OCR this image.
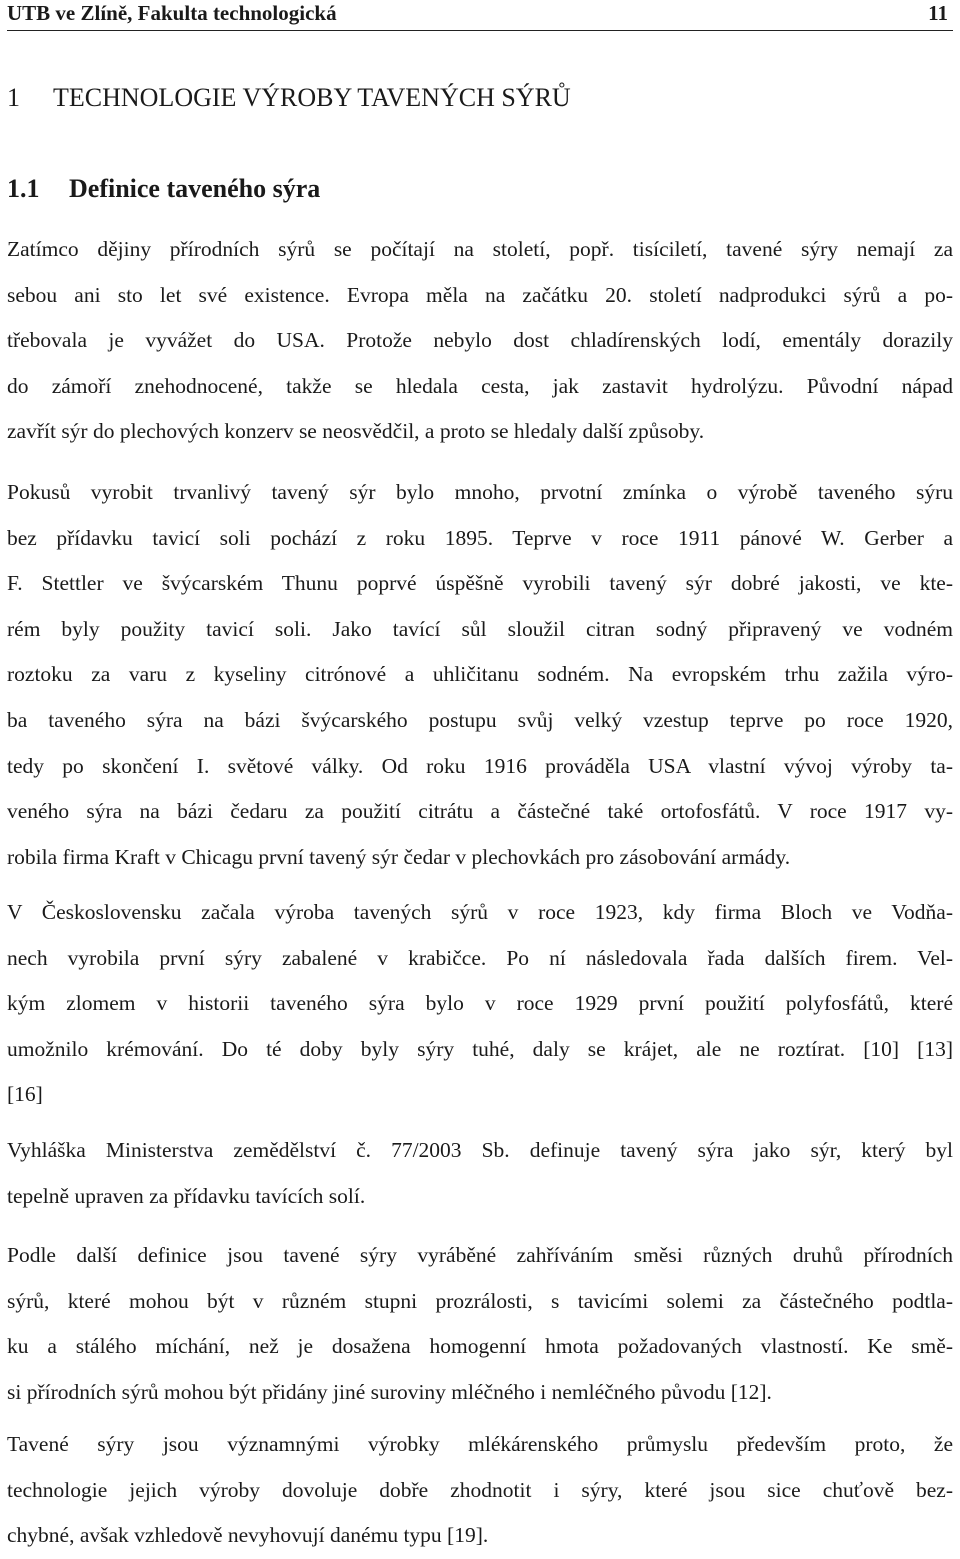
UTB ve Zlíně, Fakulta technologická	11
1 TECHNOLOGIE VÝROBY TAVENÝCH SÝRŮ
1.1 Definice taveného sýra
Zatímco dějiny přírodních sýrů se počítají na století, popř. tisíciletí, tavené sýry nemají za
sebou ani sto let své existence. Evropa měla na začátku 20. století nadprodukci sýrů a po-
třebovala je vyvážet do USA. Protože nebylo dost chladírenských lodí, ementály dorazily
do zámoří znehodnocené, takže se hledala cesta, jak zastavit hydrolýzu. Původní nápad
zavřít sýr do plechových konzerv se neosvědčil, a proto se hledaly další způsoby.
Pokusů vyrobit trvanlivý tavený sýr bylo mnoho, prvotní zmínka o výrobě taveného sýru
bez přídavku tavicí soli pochází z roku 1895. Teprve v roce 1911 pánové W. Gerber a
F. Stettler ve švýcarském Thunu poprvé úspěšně vyrobili tavený sýr dobré jakosti, ve kte-
rém byly použity tavicí soli. Jako tavící sůl sloužil citran sodný připravený ve vodném
roztoku za varu z kyseliny citrónové a uhličitanu sodném. Na evropském trhu zažila výro-
ba taveného sýra na bázi švýcarského postupu svůj velký vzestup teprve po roce 1920,
tedy po skončení I. světové války. Od roku 1916 prováděla USA vlastní vývoj výroby ta-
veného sýra na bázi čedaru za použití citrátu a částečné také ortofosfátů. V roce 1917 vy-
robila firma Kraft v Chicagu první tavený sýr čedar v plechovkách pro zásobování armády.
V Československu začala výroba tavených sýrů v roce 1923, kdy firma Bloch ve Vodňa-
nech vyrobila první sýry zabalené v krabičce. Po ní následovala řada dalších firem. Vel-
kým zlomem v historii taveného sýra bylo v roce 1929 první použití polyfosfátů, které
umožnilo krémování. Do té doby byly sýry tuhé, daly se krájet, ale ne roztírat. [10] [13]
[16]
Vyhláška Ministerstva zemědělství č. 77/2003 Sb. definuje tavený sýra jako sýr, který byl
tepelně upraven za přídavku tavících solí.
Podle další definice jsou tavené sýry vyráběné zahříváním směsi různých druhů přírodních
sýrů, které mohou být v různém stupni prozrálosti, s tavicími solemi za částečného podtla-
ku a stálého míchání, než je dosažena homogenní hmota požadovaných vlastností. Ke smě-
si přírodních sýrů mohou být přidány jiné suroviny mléčného i nemléčného původu [12].
Tavené sýry jsou významnými výrobky mlékárenského průmyslu především proto, že
technologie jejich výroby dovoluje dobře zhodnotit i sýry, které jsou sice chuťově bez-
chybné, avšak vzhledově nevyhovují danému typu [19].
